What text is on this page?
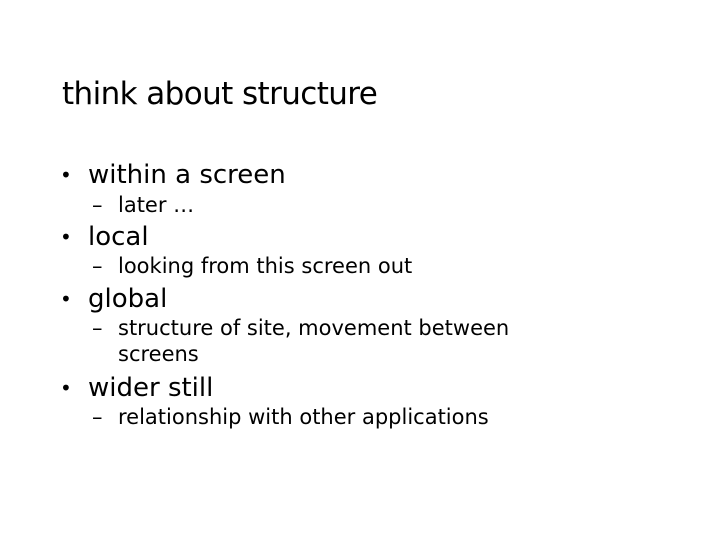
think about structure
• within a screen
– later …
• local
– looking from this screen out
• global
– structure of site, movement between
screens
• wider still
– relationship with other applications
